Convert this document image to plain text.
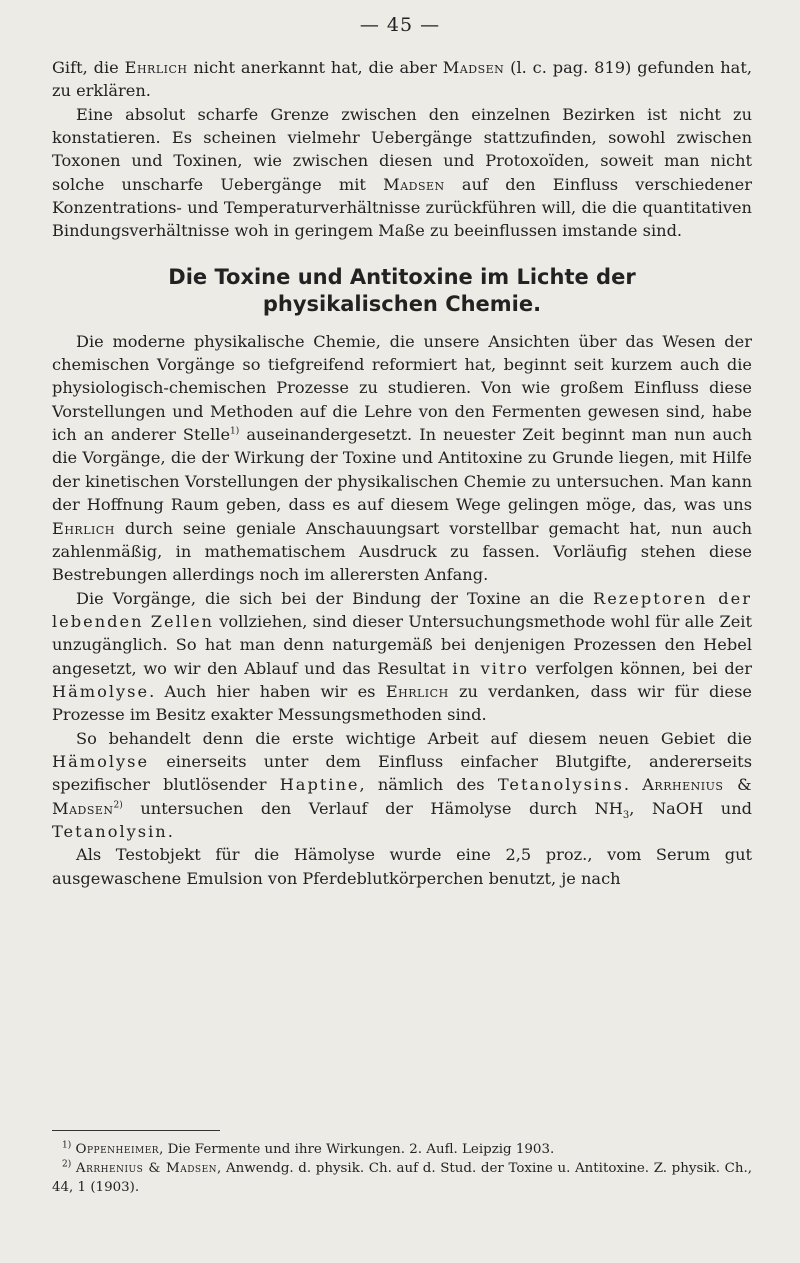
— 45 —

Gift, die Ehrlich nicht anerkannt hat, die aber Madsen (l. c. pag. 819) gefunden hat, zu erklären.

Eine absolut scharfe Grenze zwischen den einzelnen Bezirken ist nicht zu konstatieren. Es scheinen vielmehr Uebergänge stattzufinden, sowohl zwischen Toxonen und Toxinen, wie zwischen diesen und Protoxoïden, soweit man nicht solche unscharfe Uebergänge mit Madsen auf den Einfluss verschiedener Konzentrations- und Temperaturverhältnisse zurückführen will, die die quantitativen Bindungsverhältnisse woh in geringem Maße zu beeinflussen imstande sind.

Die Toxine und Antitoxine im Lichte der
physikalischen Chemie.

Die moderne physikalische Chemie, die unsere Ansichten über das Wesen der chemischen Vorgänge so tiefgreifend reformiert hat, beginnt seit kurzem auch die physiologisch-chemischen Prozesse zu studieren. Von wie großem Einfluss diese Vorstellungen und Methoden auf die Lehre von den Fermenten gewesen sind, habe ich an anderer Stelle$^{1)}$ auseinandergesetzt. In neuester Zeit beginnt man nun auch die Vorgänge, die der Wirkung der Toxine und Antitoxine zu Grunde liegen, mit Hilfe der kinetischen Vorstellungen der physikalischen Chemie zu untersuchen. Man kann der Hoffnung Raum geben, dass es auf diesem Wege gelingen möge, das, was uns Ehrlich durch seine geniale Anschauungsart vorstellbar gemacht hat, nun auch zahlenmäßig, in mathematischem Ausdruck zu fassen. Vorläufig stehen diese Bestrebungen allerdings noch im allerersten Anfang.

Die Vorgänge, die sich bei der Bindung der Toxine an die Rezeptoren der lebenden Zellen vollziehen, sind dieser Untersuchungsmethode wohl für alle Zeit unzugänglich. So hat man denn naturgemäß bei denjenigen Prozessen den Hebel angesetzt, wo wir den Ablauf und das Resultat in vitro verfolgen können, bei der Hämolyse. Auch hier haben wir es Ehrlich zu verdanken, dass wir für diese Prozesse im Besitz exakter Messungsmethoden sind.

So behandelt denn die erste wichtige Arbeit auf diesem neuen Gebiet die Hämolyse einerseits unter dem Einfluss einfacher Blutgifte, andererseits spezifischer blutlösender Haptine, nämlich des Tetanolysins. Arrhenius & Madsen$^{2)}$ untersuchen den Verlauf der Hämolyse durch $NH_3$, NaOH und Tetanolysin.

Als Testobjekt für die Hämolyse wurde eine 2,5 proz., vom Serum gut ausgewaschene Emulsion von Pferdeblutkörperchen benutzt, je nach

$^{1)}$ Oppenheimer, Die Fermente und ihre Wirkungen. 2. Aufl. Leipzig 1903.

$^{2)}$ Arrhenius & Madsen, Anwendg. d. physik. Ch. auf d. Stud. der Toxine u. Antitoxine. Z. physik. Ch., 44, 1 (1903).
